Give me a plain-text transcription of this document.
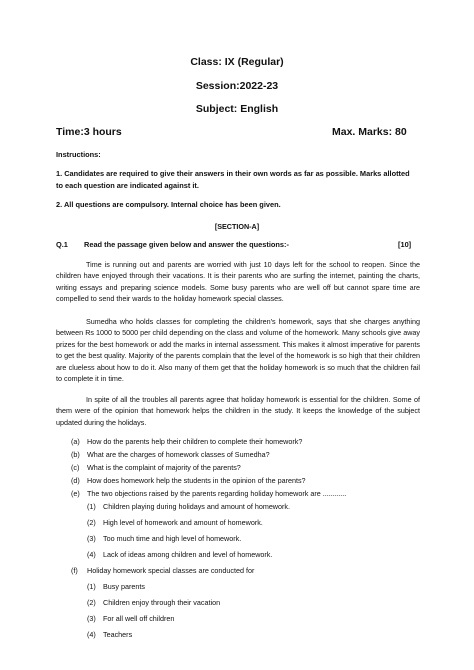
Class: IX (Regular)
Session:2022-23
Subject: English
Time:3 hours	Max. Marks: 80
Instructions:
1. Candidates are required to give their answers in their own words as far as possible. Marks allotted
to each question are indicated against it.
2. All questions are compulsory. Internal choice has been given.
[SECTION-A]
Q.1 Read the passage given below and answer the questions:-	[10]
Time is running out and parents are worried with just 10 days left for the school to reopen. Since the children have enjoyed through their vacations. It is their parents who are surfing the internet, painting the charts, writing essays and preparing science models. Some busy parents who are well off but cannot spare time are compelled to send their wards to the holiday homework special classes.
Sumedha who holds classes for completing the children's homework, says that she charges anything between Rs 1000 to 5000 per child depending on the class and volume of the homework. Many schools give away prizes for the best homework or add the marks in internal assessment. This makes it almost imperative for parents to get the best quality. Majority of the parents complain that the level of the homework is so high that their children are clueless about how to do it. Also many of them get that the holiday homework is so much that the children fail to complete it in time.
In spite of all the troubles all parents agree that holiday homework is essential for the children. Some of them were of the opinion that homework helps the children in the study. It keeps the knowledge of the subject updated during the holidays.
(a) How do the parents help their children to complete their homework?
(b) What are the charges of homework classes of Sumedha?
(c) What is the complaint of majority of the parents?
(d) How does homework help the students in the opinion of the parents?
(e) The two objections raised by the parents regarding holiday homework are ............
(1) Children playing during holidays and amount of homework.
(2) High level of homework and amount of homework.
(3) Too much time and high level of homework.
(4) Lack of ideas among children and level of homework.
(f) Holiday homework special classes are conducted for
(1) Busy parents
(2) Children enjoy through their vacation
(3) For all well off children
(4) Teachers
